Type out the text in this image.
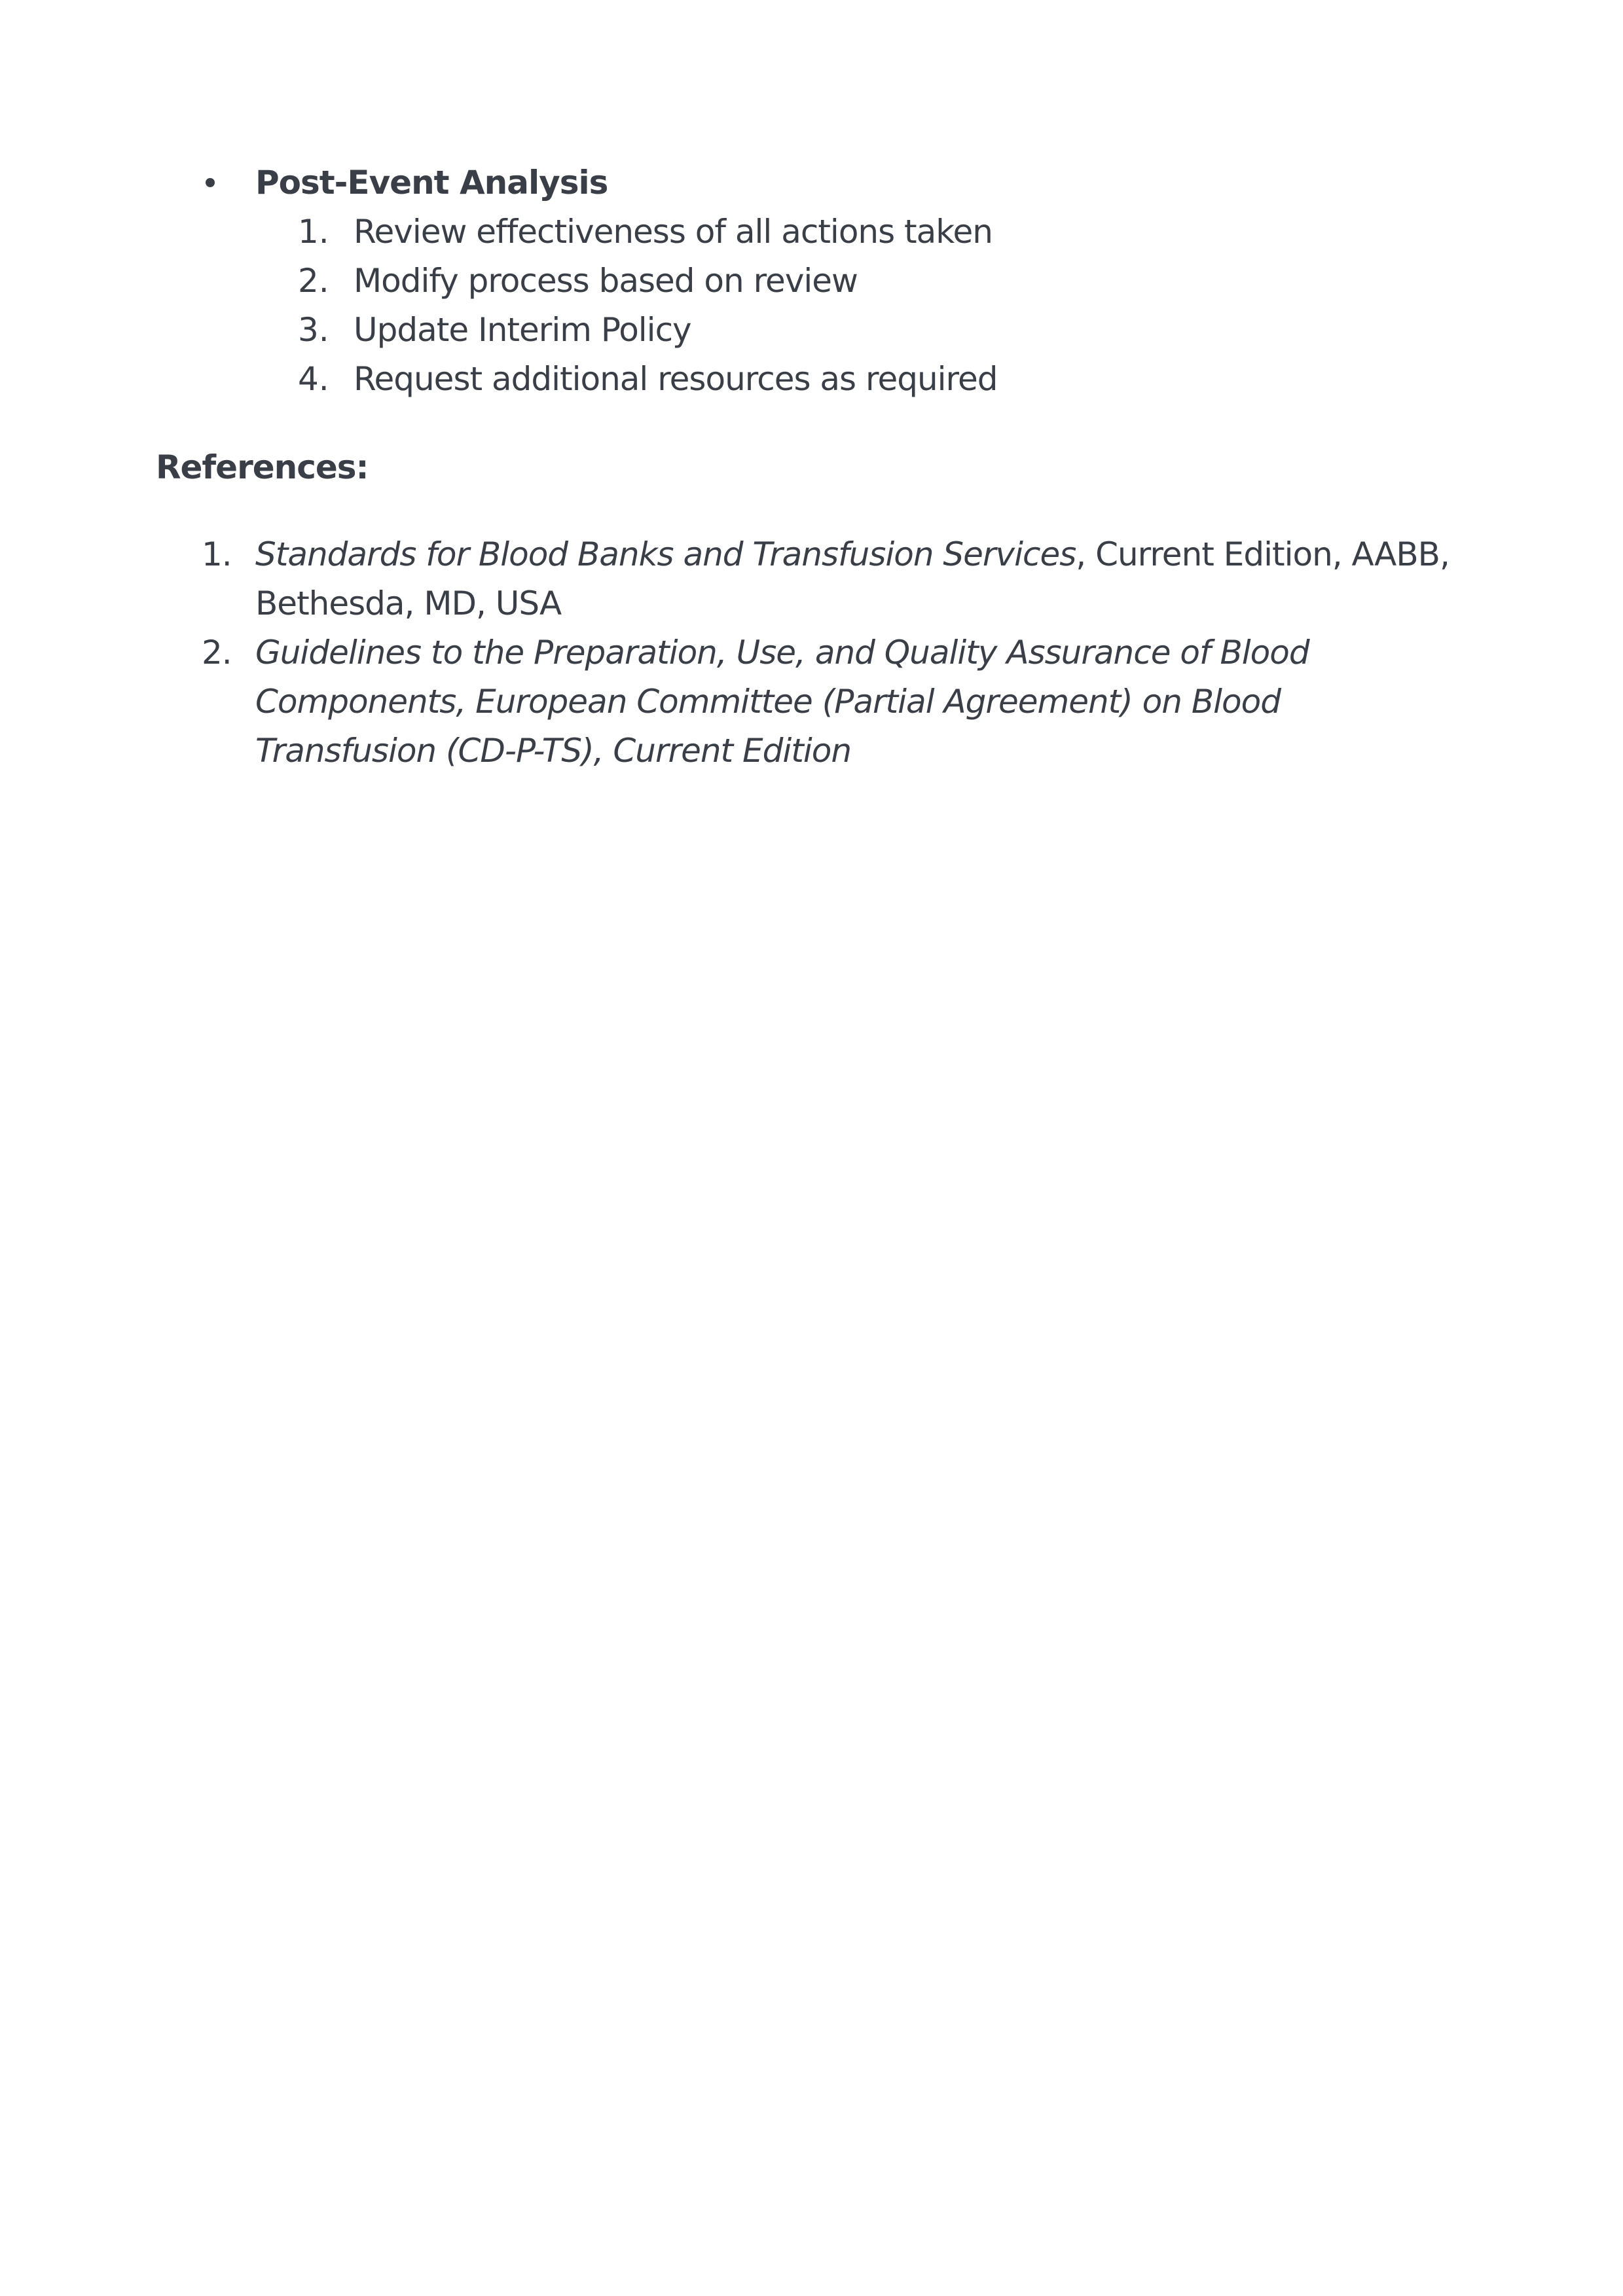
Post-Event Analysis
1. Review effectiveness of all actions taken
2. Modify process based on review
3. Update Interim Policy
4. Request additional resources as required
References:
1. Standards for Blood Banks and Transfusion Services, Current Edition, AABB, Bethesda, MD, USA
2. Guidelines to the Preparation, Use, and Quality Assurance of Blood Components, European Committee (Partial Agreement) on Blood Transfusion (CD-P-TS), Current Edition
